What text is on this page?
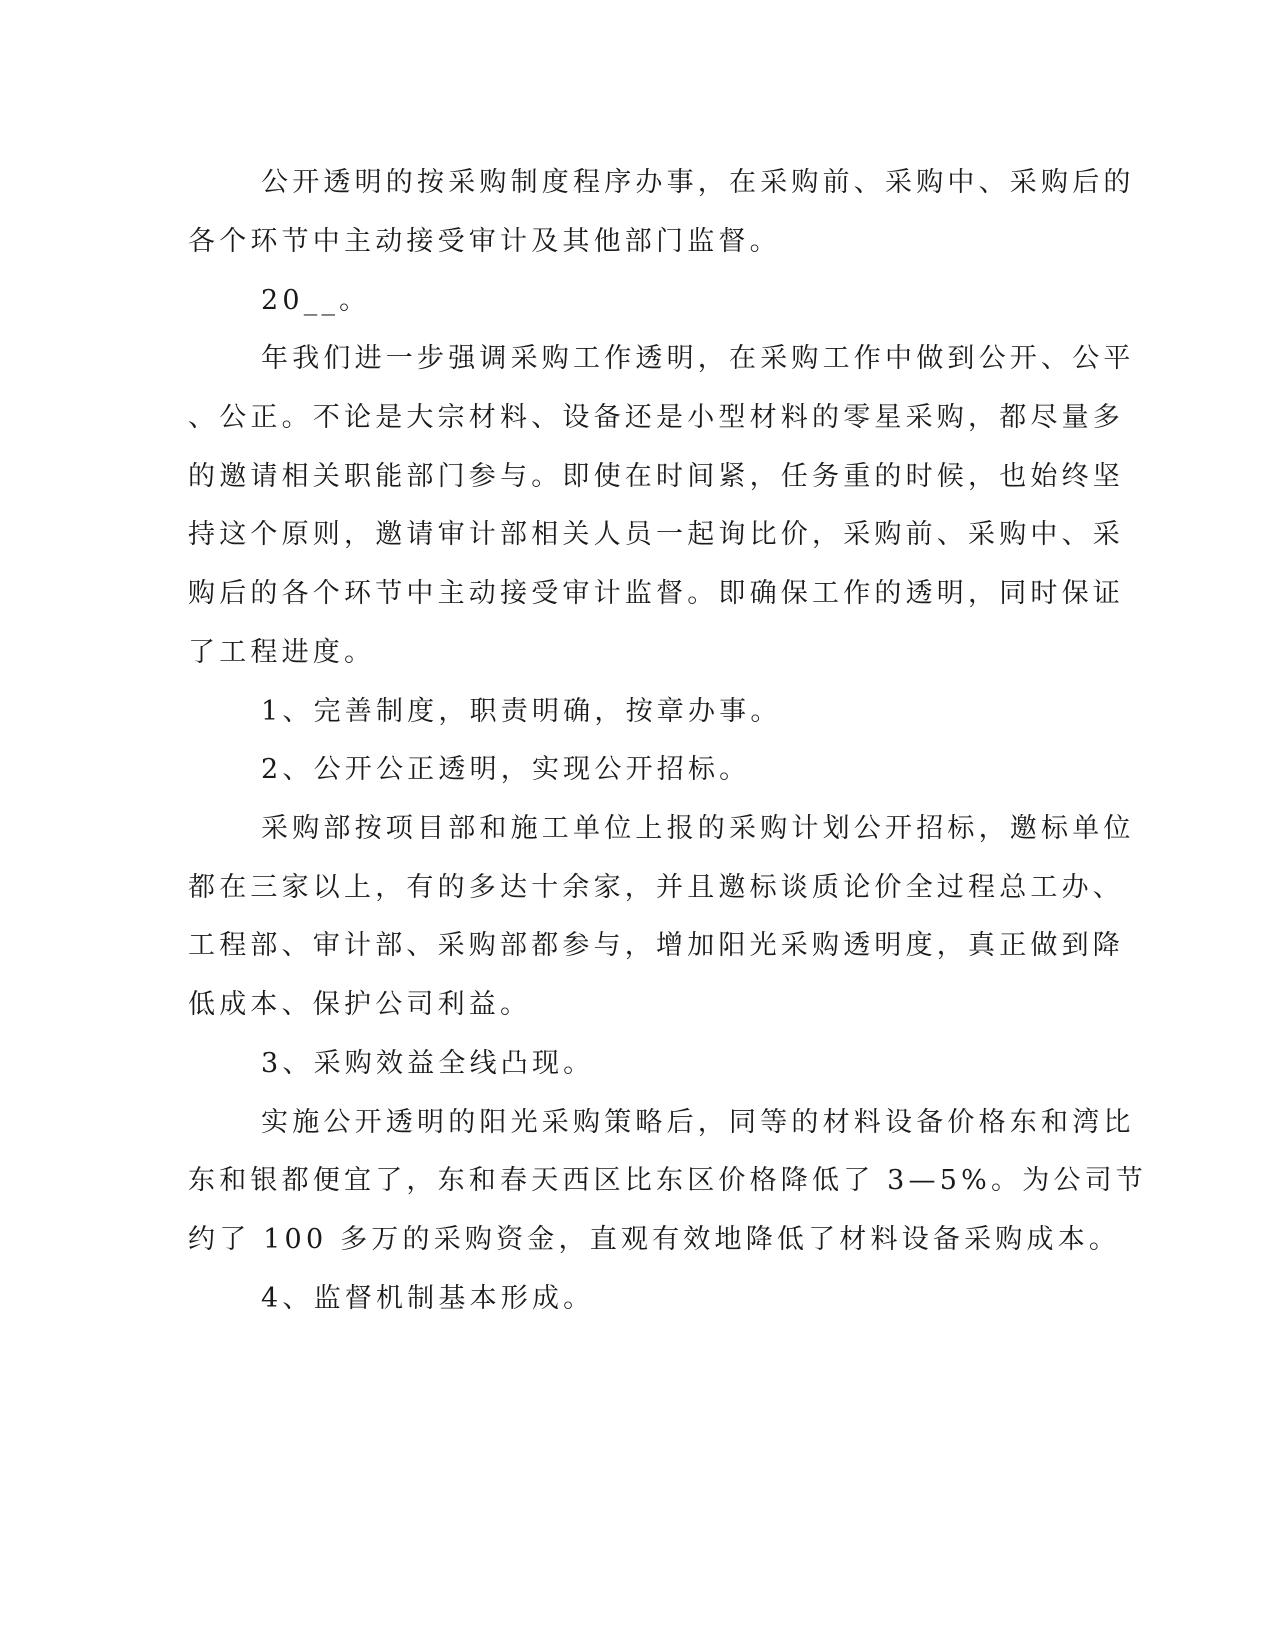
公开透明的按采购制度程序办事，在采购前、采购中、采购后的
各个环节中主动接受审计及其他部门监督。
20__。
年我们进一步强调采购工作透明，在采购工作中做到公开、公平
、公正。不论是大宗材料、设备还是小型材料的零星采购，都尽量多
的邀请相关职能部门参与。即使在时间紧，任务重的时候，也始终坚
持这个原则，邀请审计部相关人员一起询比价，采购前、采购中、采
购后的各个环节中主动接受审计监督。即确保工作的透明，同时保证
了工程进度。
1、完善制度，职责明确，按章办事。
2、公开公正透明，实现公开招标。
采购部按项目部和施工单位上报的采购计划公开招标，邀标单位
都在三家以上，有的多达十余家，并且邀标谈质论价全过程总工办、
工程部、审计部、采购部都参与，增加阳光采购透明度，真正做到降
低成本、保护公司利益。
3、采购效益全线凸现。
实施公开透明的阳光采购策略后，同等的材料设备价格东和湾比
东和银都便宜了，东和春天西区比东区价格降低了 3—5%。为公司节
约了 100 多万的采购资金，直观有效地降低了材料设备采购成本。
4、监督机制基本形成。
